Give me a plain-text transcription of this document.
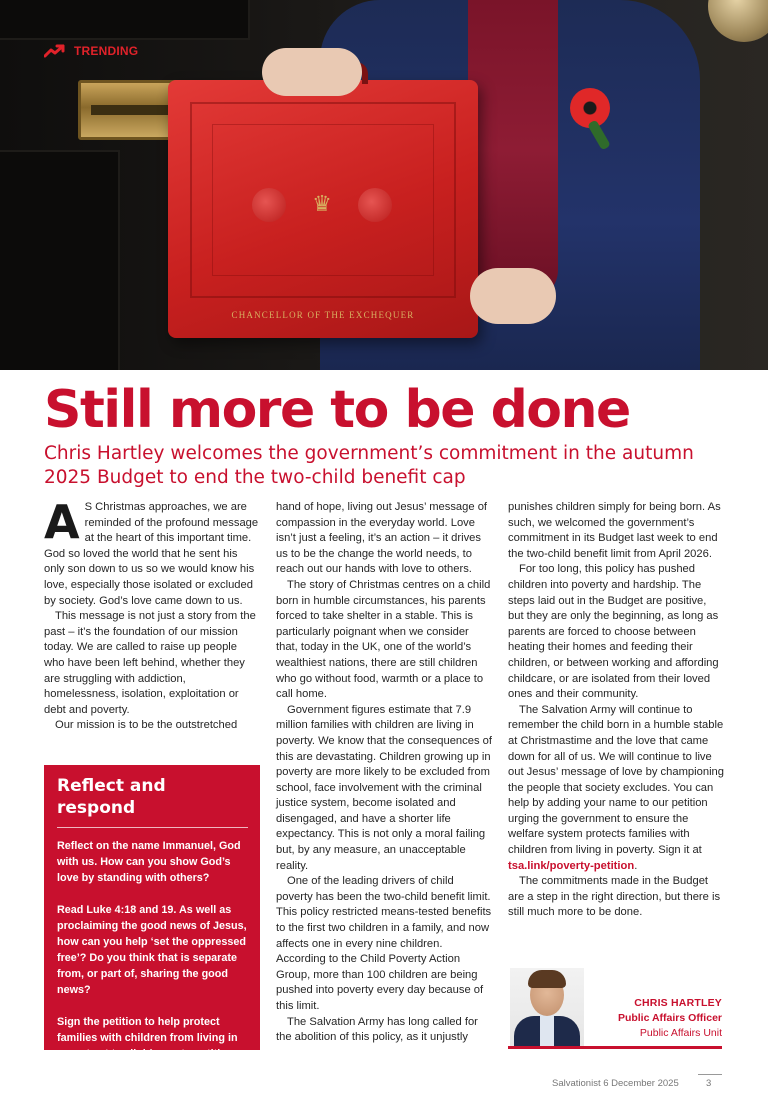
♛
CHANCELLOR OF THE EXCHEQUER
TRENDING
Still more to be done
Chris Hartley welcomes the government’s commitment in the autumn 2025 Budget to end the two-child benefit cap

A S Christmas approaches, we are reminded of the profound message at the heart of this important time. God so loved the world that he sent his only son down to us so we would know his love, especially those isolated or excluded by society. God’s love came down to us.

This message is not just a story from the past – it’s the foundation of our mission today. We are called to raise up people who have been left behind, whether they are struggling with addiction, homelessness, isolation, exploitation or debt and poverty.

Our mission is to be the outstretched

Reflect and respond

Reflect on the name Immanuel, God with us. How can you show God’s love by standing with others?

Read Luke 4:18 and 19. As well as proclaiming the good news of Jesus, how can you help ‘set the oppressed free’? Do you think that is separate from, or part of, sharing the good news?

Sign the petition to help protect families with children from living in poverty at tsa.link/poverty-petition.

hand of hope, living out Jesus’ message of compassion in the everyday world. Love isn’t just a feeling, it’s an action – it drives us to be the change the world needs, to reach out our hands with love to others.

The story of Christmas centres on a child born in humble circumstances, his parents forced to take shelter in a stable. This is particularly poignant when we consider that, today in the UK, one of the world’s wealthiest nations, there are still children who go without food, warmth or a place to call home.

Government figures estimate that 7.9 million families with children are living in poverty. We know that the consequences of this are devastating. Children growing up in poverty are more likely to be excluded from school, face involvement with the criminal justice system, become isolated and disengaged, and have a shorter life expectancy. This is not only a moral failing but, by any measure, an unacceptable reality.

One of the leading drivers of child poverty has been the two-child benefit limit. This policy restricted means-tested benefits to the first two children in a family, and now affects one in every nine children. According to the Child Poverty Action Group, more than 100 children are being pushed into poverty every day because of this limit.

The Salvation Army has long called for the abolition of this policy, as it unjustly

punishes children simply for being born. As such, we welcomed the government’s commitment in its Budget last week to end the two-child benefit limit from April 2026.

For too long, this policy has pushed children into poverty and hardship. The steps laid out in the Budget are positive, but they are only the beginning, as long as parents are forced to choose between heating their homes and feeding their children, or between working and affording childcare, or are isolated from their loved ones and their community.

The Salvation Army will continue to remember the child born in a humble stable at Christmastime and the love that came down for all of us. We will continue to live out Jesus’ message of love by championing the people that society excludes. You can help by adding your name to our petition urging the government to ensure the welfare system protects families with children from living in poverty. Sign it at tsa.link/poverty-petition.

The commitments made in the Budget are a step in the right direction, but there is still much more to be done.

CHRIS HARTLEY
Public Affairs Officer
Public Affairs Unit
Salvationist 6 December 2025	3
